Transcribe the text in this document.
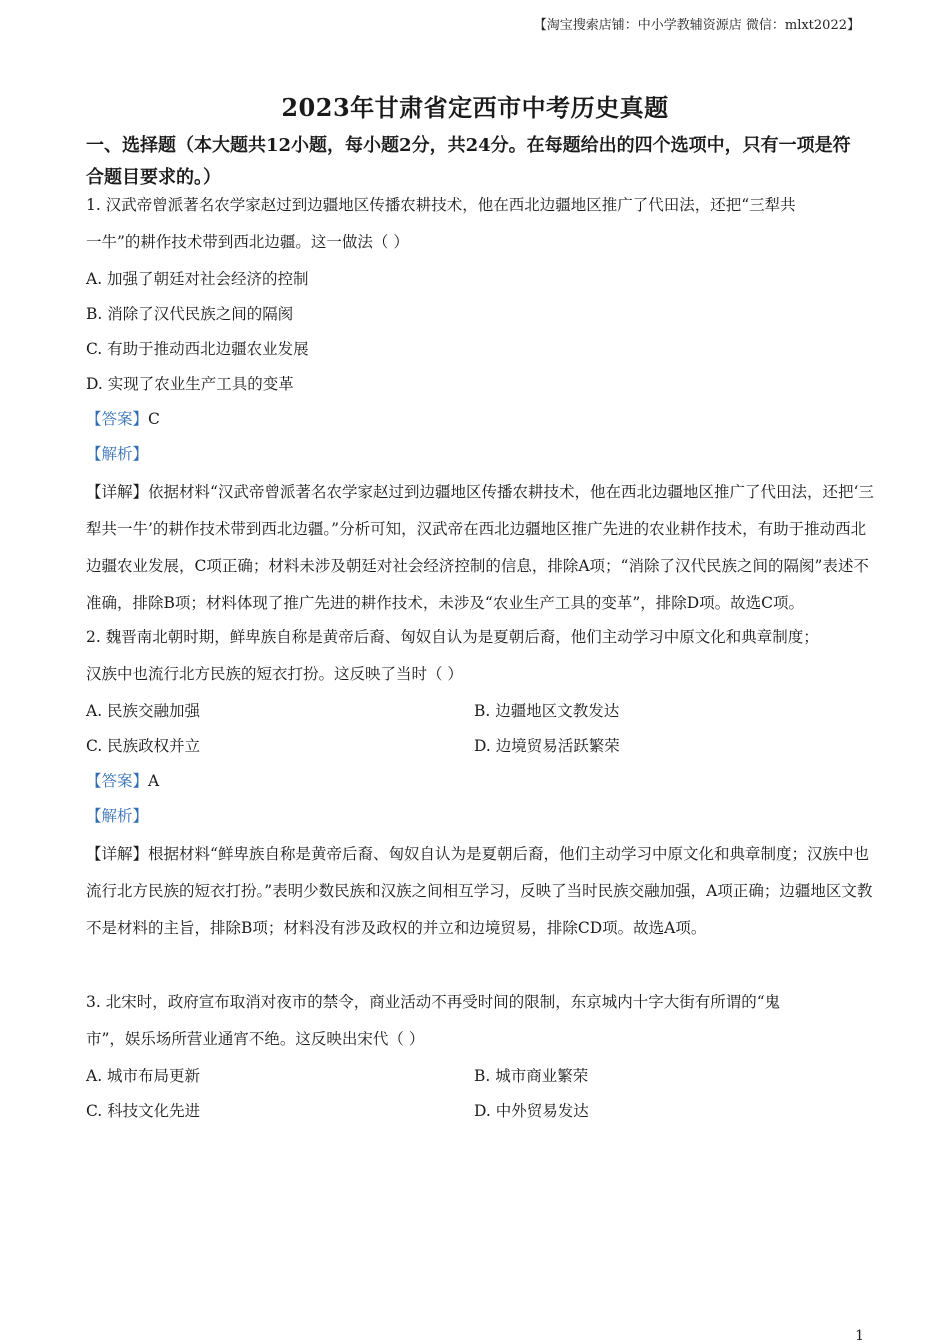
【淘宝搜索店铺：中小学教辅资源店 微信：mlxt2022】
2023年甘肃省定西市中考历史真题
一、选择题（本大题共12小题，每小题2分，共24分。在每题给出的四个选项中，只有一项是符合题目要求的。）
1. 汉武帝曾派著名农学家赵过到边疆地区传播农耕技术，他在西北边疆地区推广了代田法，还把“三犁共
一牛”的耕作技术带到西北边疆。这一做法（ ）
A. 加强了朝廷对社会经济的控制
B. 消除了汉代民族之间的隔阂
C. 有助于推动西北边疆农业发展
D. 实现了农业生产工具的变革
【答案】C
【解析】
【详解】依据材料“汉武帝曾派著名农学家赵过到边疆地区传播农耕技术，他在西北边疆地区推广了代田法，还把‘三犁共一牛’的耕作技术带到西北边疆。”分析可知，汉武帝在西北边疆地区推广先进的农业耕作技术，有助于推动西北边疆农业发展，C项正确；材料未涉及朝廷对社会经济控制的信息，排除A项；“消除了汉代民族之间的隔阂”表述不准确，排除B项；材料体现了推广先进的耕作技术，未涉及“农业生产工具的变革”，排除D项。故选C项。
2. 魏晋南北朝时期，鲜卑族自称是黄帝后裔、匈奴自认为是夏朝后裔，他们主动学习中原文化和典章制度；
汉族中也流行北方民族的短衣打扮。这反映了当时（ ）
A. 民族交融加强	B. 边疆地区文教发达
C. 民族政权并立	D. 边境贸易活跃繁荣
【答案】A
【解析】
【详解】根据材料“鲜卑族自称是黄帝后裔、匈奴自认为是夏朝后裔，他们主动学习中原文化和典章制度；汉族中也流行北方民族的短衣打扮。”表明少数民族和汉族之间相互学习，反映了当时民族交融加强，A项正确；边疆地区文教不是材料的主旨，排除B项；材料没有涉及政权的并立和边境贸易，排除CD项。故选A项。
3. 北宋时，政府宣布取消对夜市的禁令，商业活动不再受时间的限制，东京城内十字大街有所谓的“鬼
市”，娱乐场所营业通宵不绝。这反映出宋代（ ）
A. 城市布局更新	B. 城市商业繁荣
C. 科技文化先进	D. 中外贸易发达
1
